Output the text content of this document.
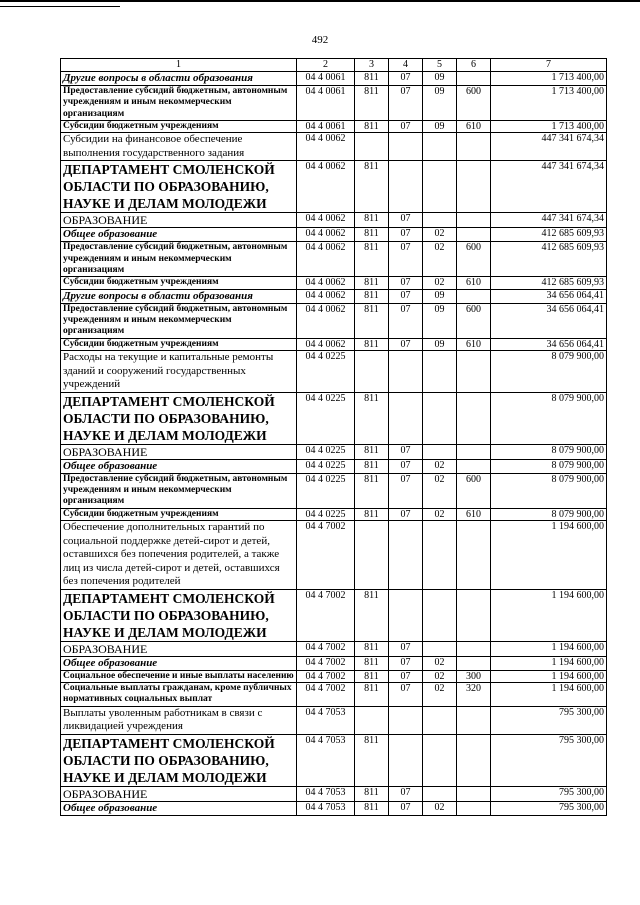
492
1	2	3	4	5	6	7
Другие вопросы в области образования	04 4 0061	811	07	09		1 713 400,00
Предоставление субсидий бюджетным, автономным учреждениям и иным некоммерческим организациям	04 4 0061	811	07	09	600	1 713 400,00
Субсидии бюджетным учреждениям	04 4 0061	811	07	09	610	1 713 400,00
Субсидии на финансовое обеспечение выполнения государственного задания	04 4 0062					447 341 674,34
ДЕПАРТАМЕНТ СМОЛЕНСКОЙ ОБЛАСТИ ПО ОБРАЗОВАНИЮ, НАУКЕ И ДЕЛАМ МОЛОДЕЖИ	04 4 0062	811				447 341 674,34
ОБРАЗОВАНИЕ	04 4 0062	811	07			447 341 674,34
Общее образование	04 4 0062	811	07	02		412 685 609,93
Предоставление субсидий бюджетным, автономным учреждениям и иным некоммерческим организациям	04 4 0062	811	07	02	600	412 685 609,93
Субсидии бюджетным учреждениям	04 4 0062	811	07	02	610	412 685 609,93
Другие вопросы в области образования	04 4 0062	811	07	09		34 656 064,41
Предоставление субсидий бюджетным, автономным учреждениям и иным некоммерческим организациям	04 4 0062	811	07	09	600	34 656 064,41
Субсидии бюджетным учреждениям	04 4 0062	811	07	09	610	34 656 064,41
Расходы на текущие и капитальные ремонты зданий и сооружений государственных учреждений	04 4 0225					8 079 900,00
ДЕПАРТАМЕНТ СМОЛЕНСКОЙ ОБЛАСТИ ПО ОБРАЗОВАНИЮ, НАУКЕ И ДЕЛАМ МОЛОДЕЖИ	04 4 0225	811				8 079 900,00
ОБРАЗОВАНИЕ	04 4 0225	811	07			8 079 900,00
Общее образование	04 4 0225	811	07	02		8 079 900,00
Предоставление субсидий бюджетным, автономным учреждениям и иным некоммерческим организациям	04 4 0225	811	07	02	600	8 079 900,00
Субсидии бюджетным учреждениям	04 4 0225	811	07	02	610	8 079 900,00
Обеспечение дополнительных гарантий по социальной поддержке детей-сирот и детей, оставшихся без попечения родителей, а также лиц из числа детей-сирот и детей, оставшихся без попечения родителей	04 4 7002					1 194 600,00
ДЕПАРТАМЕНТ СМОЛЕНСКОЙ ОБЛАСТИ ПО ОБРАЗОВАНИЮ, НАУКЕ И ДЕЛАМ МОЛОДЕЖИ	04 4 7002	811				1 194 600,00
ОБРАЗОВАНИЕ	04 4 7002	811	07			1 194 600,00
Общее образование	04 4 7002	811	07	02		1 194 600,00
Социальное обеспечение и иные выплаты населению	04 4 7002	811	07	02	300	1 194 600,00
Социальные выплаты гражданам, кроме публичных нормативных социальных выплат	04 4 7002	811	07	02	320	1 194 600,00
Выплаты уволенным работникам в связи с ликвидацией учреждения	04 4 7053					795 300,00
ДЕПАРТАМЕНТ СМОЛЕНСКОЙ ОБЛАСТИ ПО ОБРАЗОВАНИЮ, НАУКЕ И ДЕЛАМ МОЛОДЕЖИ	04 4 7053	811				795 300,00
ОБРАЗОВАНИЕ	04 4 7053	811	07			795 300,00
Общее образование	04 4 7053	811	07	02		795 300,00
